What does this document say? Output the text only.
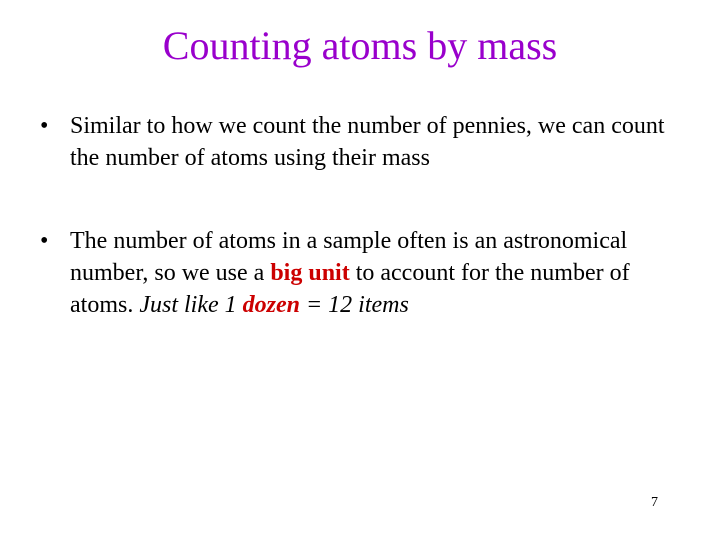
Counting atoms by mass
• Similar to how we count the number of pennies, we can count the number of atoms using their mass
• The number of atoms in a sample often is an astronomical number, so we use a big unit to account for the number of atoms. Just like 1 dozen = 12 items
7
